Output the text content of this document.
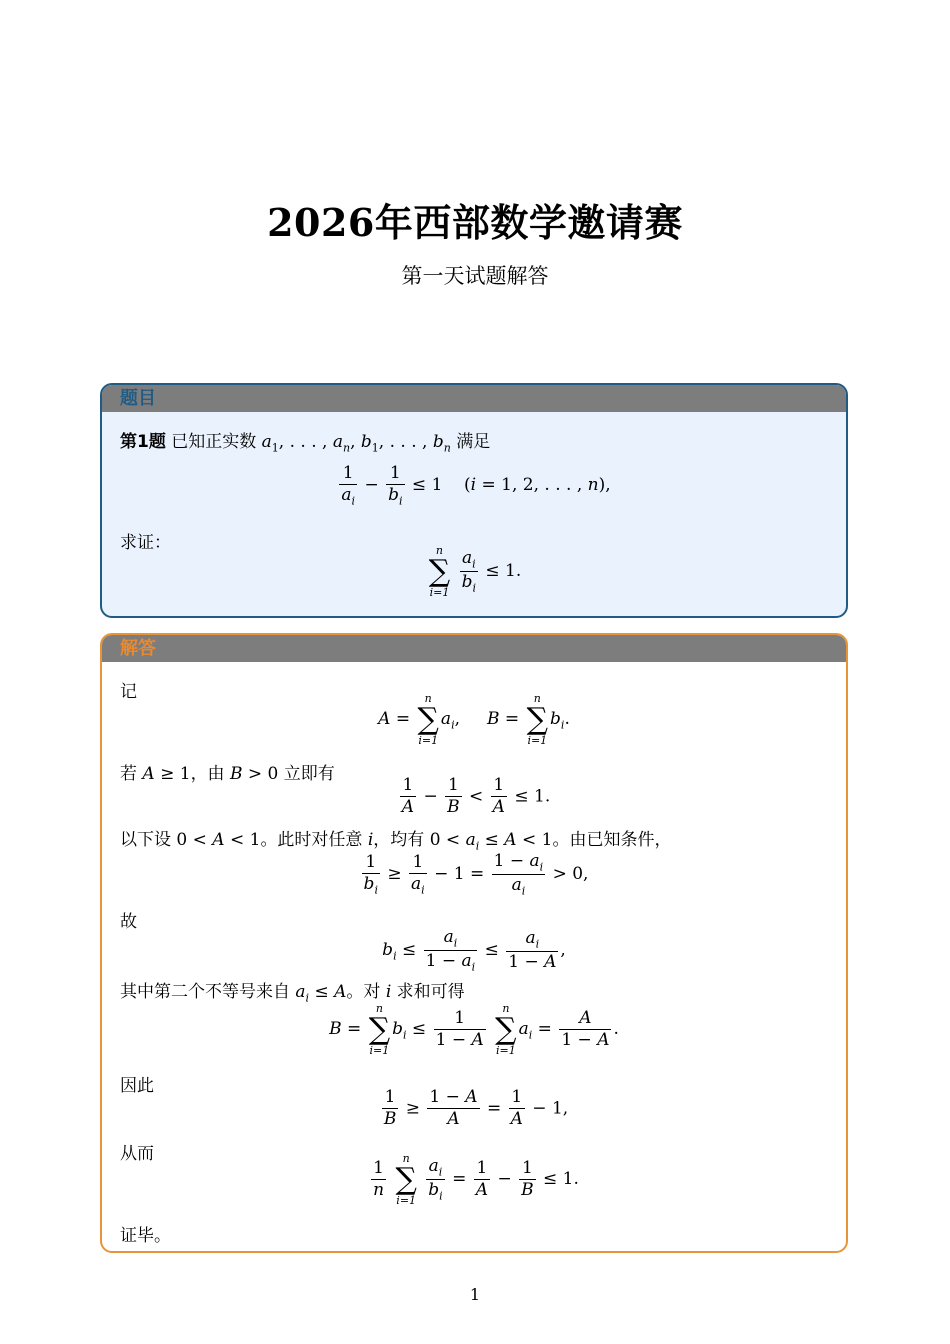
2026年西部数学邀请赛
第一天试题解答
题目
第1题 已知正实数 $a_1$, . . . , $a_n$, $b_1$, . . . , $b_n$ 满足
$\frac{1}{a_i} - \frac{1}{b_i} \le 1$    (i = 1, 2, . . . , n),
求证：	n
∑
i=1
$\frac{a_i}{b_i} \le 1$.
解答
记
A =
n
∑
i=1
$a_i$,     B =
n
∑
i=1
$b_i$.
若 A ≥ 1，由 B > 0 立即有
$\frac{1}{A} - \frac{1}{B} < \frac{1}{A} \le 1$.
以下设 0 < A < 1。此时对任意 i，均有 $0 < a_i \le A < 1$。由已知条件，
$\frac{1}{b_i} \ge \frac{1}{a_i} - 1 = \frac{1 - a_i}{a_i} > 0$,
故
$b_i \le \frac{a_i}{1 - a_i} \le \frac{a_i}{1 - A}$ ,
其中第二个不等号来自 $a_i \le A$。对 i 求和可得
B =
n
∑
i=1
$b_i \le \frac{1}{1 - A}$
	n
∑
i=1
$a_i = \frac{A}{1 - A}$ .
因此
$\frac{1}{B} \ge \frac{1 - A}{A} = \frac{1}{A} - 1$,
从而
$\frac{1}{n}$
	n
∑
i=1
$\frac{a_i}{b_i} = \frac{1}{A} - \frac{1}{B} \le 1$.
证毕。
1
